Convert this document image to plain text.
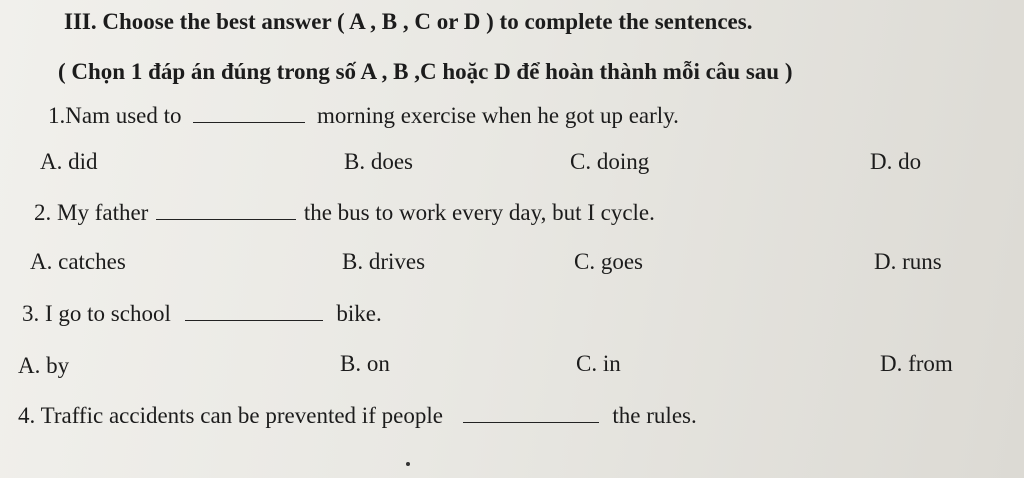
III. Choose the best answer ( A , B , C or D ) to complete the sentences.
( Chọn 1 đáp án đúng trong số A , B ,C hoặc D để hoàn thành mỗi câu sau )
1.Nam used to	morning exercise when he got up early.
A. did	B. does	C. doing	D. do
2. My father	the bus to work every day, but I cycle.
A. catches	B. drives	C. goes	D. runs
3. I go to school	bike.
A. by	B. on	C. in	D. from
4. Traffic accidents can be prevented if people	the rules.
